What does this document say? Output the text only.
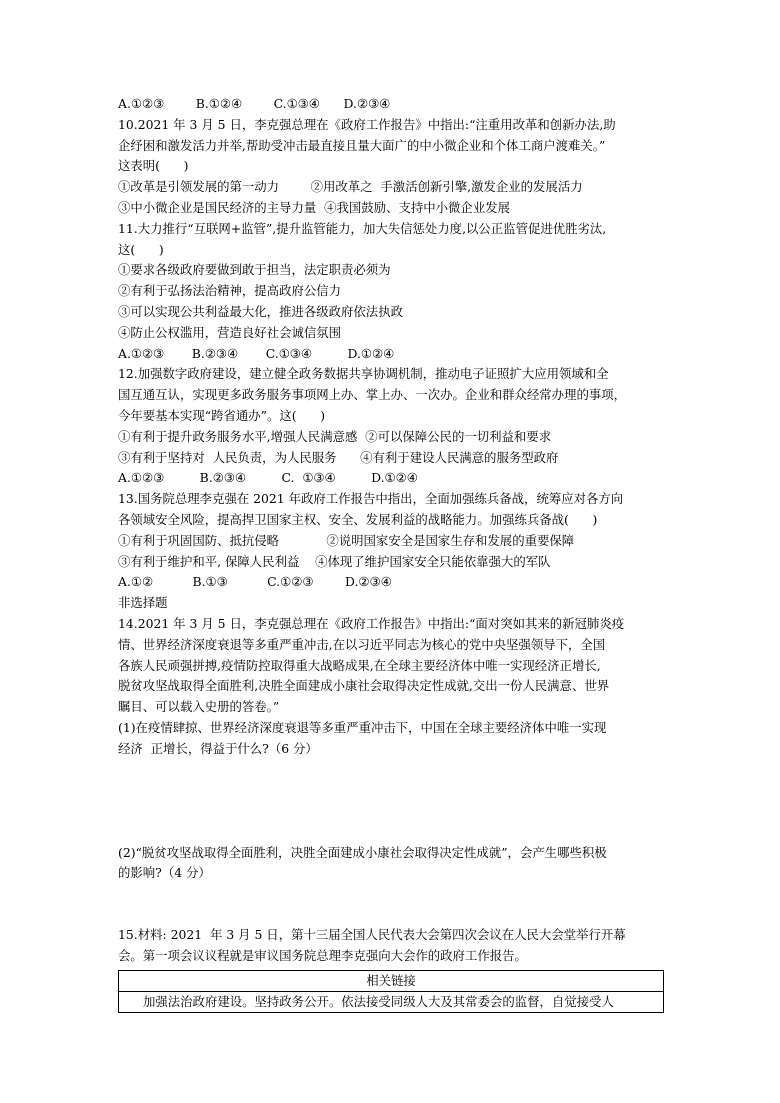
A.①②③        B.①②④        C.①③④      D.②③④
10.2021 年 3 月 5 日，李克强总理在《政府工作报告》中指出:“注重用改革和创新办法,助
企纾困和激发活力并举,帮助受冲击最直接且量大面广的中小微企业和个体工商户渡难关。”
这表明(      )
①改革是引领发展的第一动力        ②用改革之  手激活创新引擎,激发企业的发展活力
③中小微企业是国民经济的主导力量  ④我国鼓励、支持中小微企业发展
11.大力推行“互联网+监管”,提升监管能力，加大失信惩处力度,以公正监管促进优胜劣汰,
这(      )
①要求各级政府要做到敢于担当，法定职责必须为
②有利于弘扬法治精神，提高政府公信力
③可以实现公共利益最大化，推进各级政府依法执政
④防止公权滥用，营造良好社会诚信氛围
A.①②③       B.②③④       C.①③④         D.①②④
12.加强数字政府建设，建立健全政务数据共享协调机制，推动电子证照扩大应用领域和全
国互通互认，实现更多政务服务事项网上办、掌上办、一次办。企业和群众经常办理的事项，
今年要基本实现“跨省通办”。这(      )
①有利于提升政务服务水平,增强人民满意感  ②可以保障公民的一切利益和要求
③有利于坚持对  人民负责，为人民服务      ④有利于建设人民满意的服务型政府
A.①②③         B.②③④         C.  ①③④         D.①②④
13.国务院总理李克强在 2021 年政府工作报告中指出，全面加强练兵备战，统筹应对各方向
各领域安全风险，提高捍卫国家主权、安全、发展利益的战略能力。加强练兵备战(      )
①有利于巩固国防、抵抗侵略            ②说明国家安全是国家生存和发展的重要保障
③有利于维护和平, 保障人民利益    ④体现了维护国家安全只能依靠强大的军队
A.①②          B.①③          C.①②③        D.②③④
非选择题
14.2021 年 3 月 5 日，李克强总理在《政府工作报告》中指出:“面对突如其来的新冠肺炎疫
情、世界经济深度衰退等多重严重冲击,在以习近平同志为核心的党中央坚强领导下，全国
各族人民顽强拼搏,疫情防控取得重大战略成果,在全球主要经济体中唯一实现经济正增长,
脱贫攻坚战取得全面胜利,决胜全面建成小康社会取得决定性成就,交出一份人民满意、世界
瞩目、可以载入史册的答卷。”
(1)在疫情肆掠、世界经济深度衰退等多重严重冲击下，中国在全球主要经济体中唯一实现
经济  正增长，得益于什么?（6 分）
(2)“脱贫攻坚战取得全面胜利，决胜全面建成小康社会取得决定性成就”，会产生哪些积极
的影响?（4 分）
15.材料: 2021  年 3 月 5 日，第十三届全国人民代表大会第四次会议在人民大会堂举行开幕
会。第一项会议议程就是审议国务院总理李克强向大会作的政府工作报告。
相关链接
加强法治政府建设。坚持政务公开。依法接受同级人大及其常委会的监督，自觉接受人
